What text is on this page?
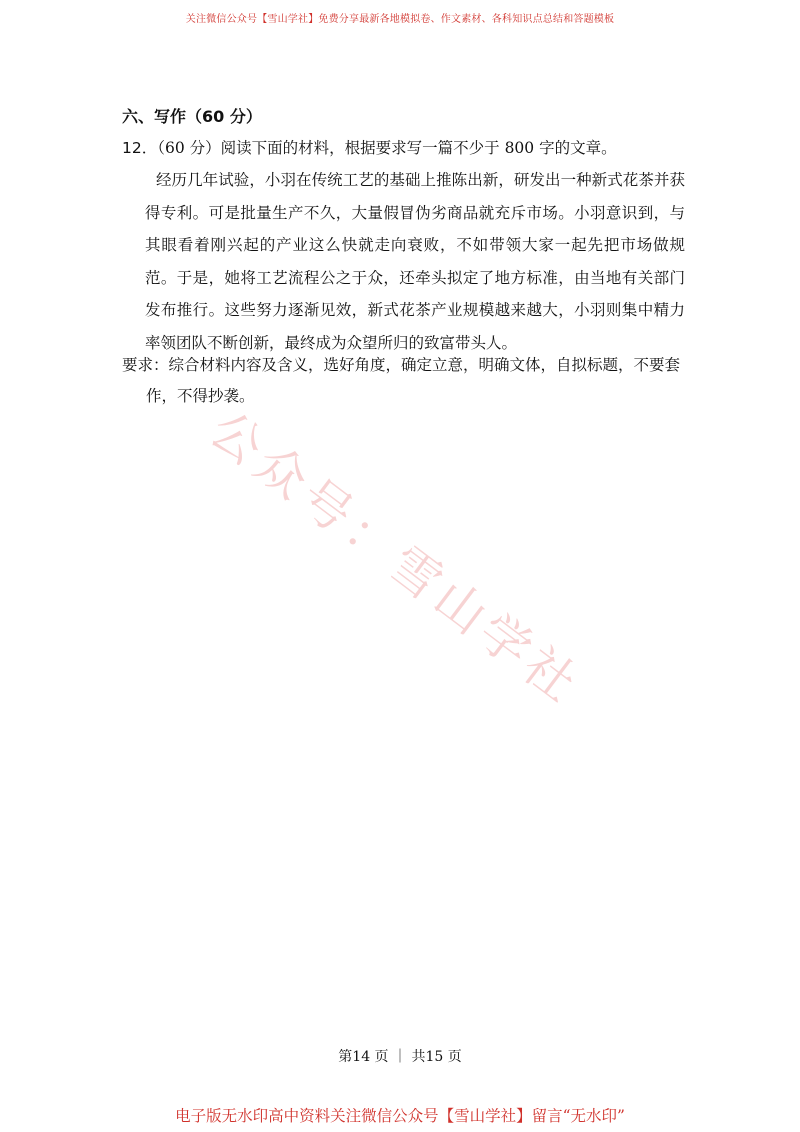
关注微信公众号【雪山学社】免费分享最新各地模拟卷、作文素材、各科知识点总结和答题模板
六、写作（60 分）
12．（60 分）阅读下面的材料，根据要求写一篇不少于 800 字的文章。

经历几年试验，小羽在传统工艺的基础上推陈出新，研发出一种新式花茶并获得专利。可是批量生产不久，大量假冒伪劣商品就充斥市场。小羽意识到，与其眼看着刚兴起的产业这么快就走向衰败，不如带领大家一起先把市场做规范。于是，她将工艺流程公之于众，还牵头拟定了地方标准，由当地有关部门发布推行。这些努力逐渐见效，新式花茶产业规模越来越大，小羽则集中精力率领团队不断创新，最终成为众望所归的致富带头人。

要求：综合材料内容及含义，选好角度，确定立意，明确文体，自拟标题，不要套作，不得抄袭。

公众号：雪山学社
第14 页 ｜ 共15 页
电子版无水印高中资料关注微信公众号【雪山学社】留言“无水印”
